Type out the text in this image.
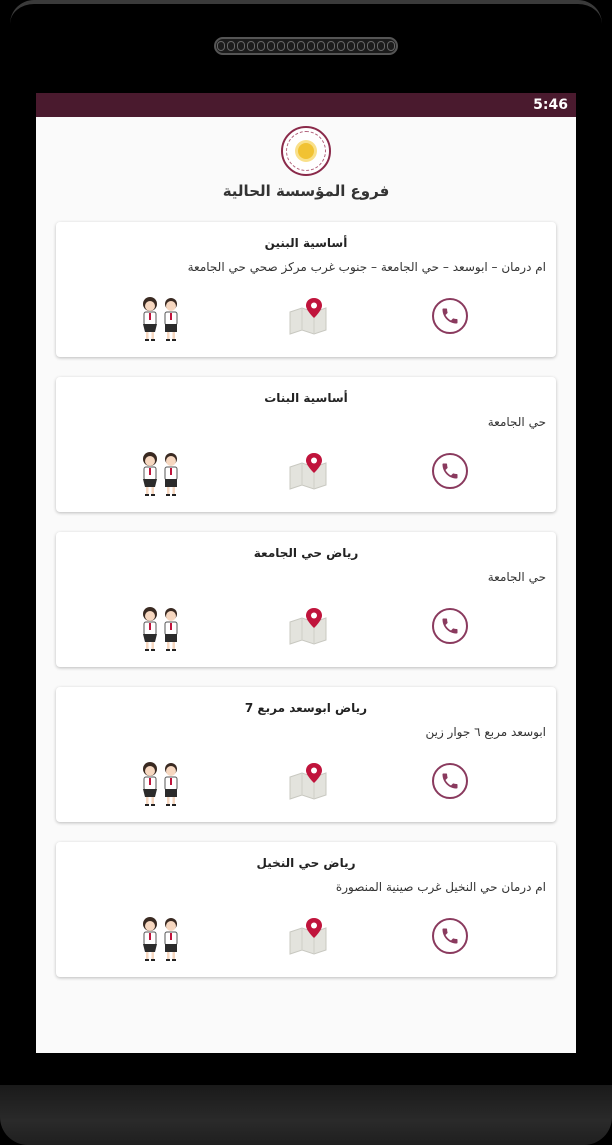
5:46
فروع المؤسسة الحالية
أساسية البنين
ام درمان – ابوسعد – حي الجامعة – جنوب غرب مركز صحي حي الجامعة
أساسية البنات
حي الجامعة
رياض حي الجامعة
حي الجامعة
رياض ابوسعد مربع 7
ابوسعد مربع ٦ جوار زين
رياض حي النخيل
ام درمان حي النخيل غرب صينية المنصورة
